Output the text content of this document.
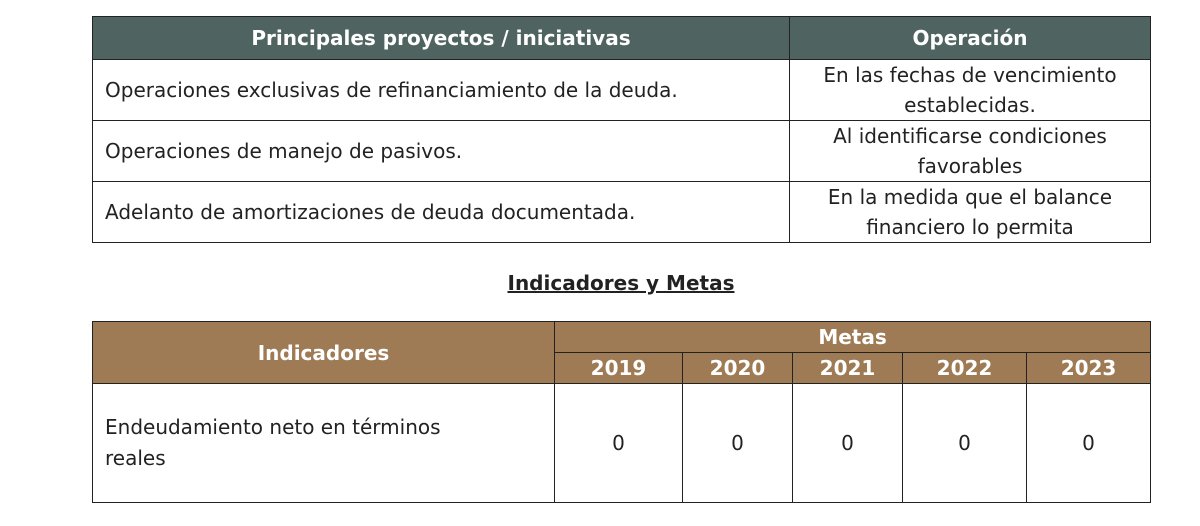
Principales proyectos / iniciativas	Operación
Operaciones exclusivas de refinanciamiento de la deuda.	En las fechas de vencimiento
establecidas.

Operaciones de manejo de pasivos.	Al identificarse condiciones
favorables

Adelanto de amortizaciones de deuda documentada.	En la medida que el balance
financiero lo permita
Indicadores y Metas
Indicadores	Metas				
	2019	2020	2021	2022	2023

Endeudamiento neto en términos
reales	0	0	0	0	0
